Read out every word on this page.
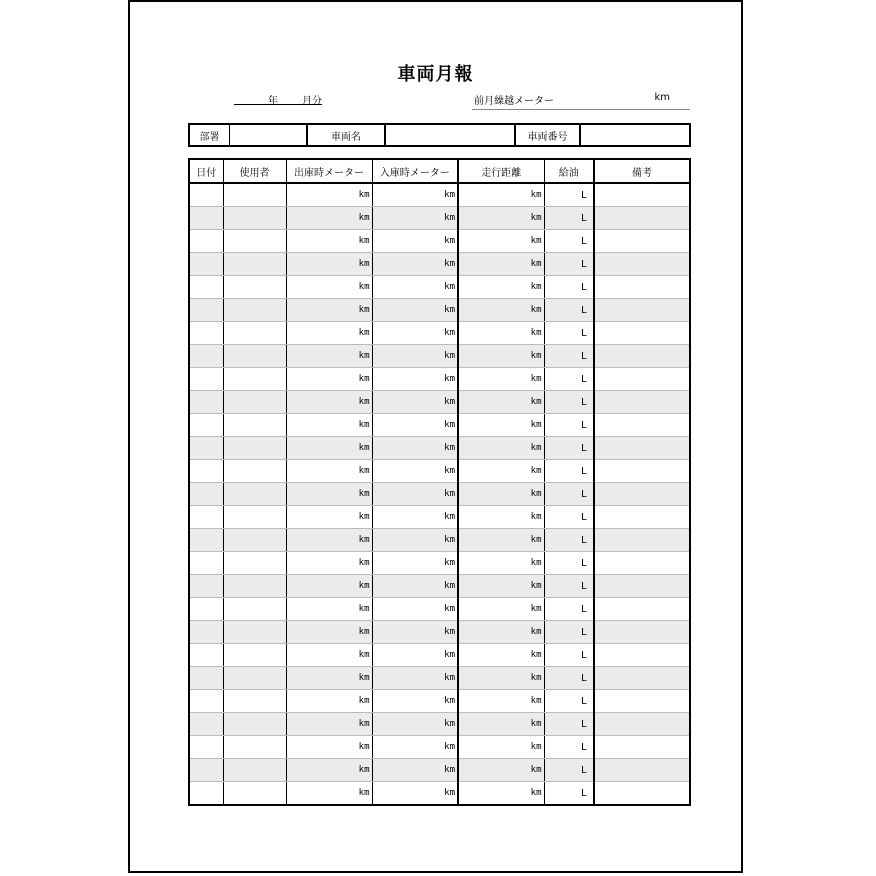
車両月報
年	月分	前月繰越メーター	km
部署	車両名	車両番号
日付	使用者	出庫時メーター	入庫時メーター	走行距離	給油	備考
		km	km	km	L	
		km	km	km	L	
		km	km	km	L	
		km	km	km	L	
		km	km	km	L	
		km	km	km	L	
		km	km	km	L	
		km	km	km	L	
		km	km	km	L	
		km	km	km	L	
		km	km	km	L	
		km	km	km	L	
		km	km	km	L	
		km	km	km	L	
		km	km	km	L	
		km	km	km	L	
		km	km	km	L	
		km	km	km	L	
		km	km	km	L	
		km	km	km	L	
		km	km	km	L	
		km	km	km	L	
		km	km	km	L	
		km	km	km	L	
		km	km	km	L	
		km	km	km	L	
		km	km	km	L	
